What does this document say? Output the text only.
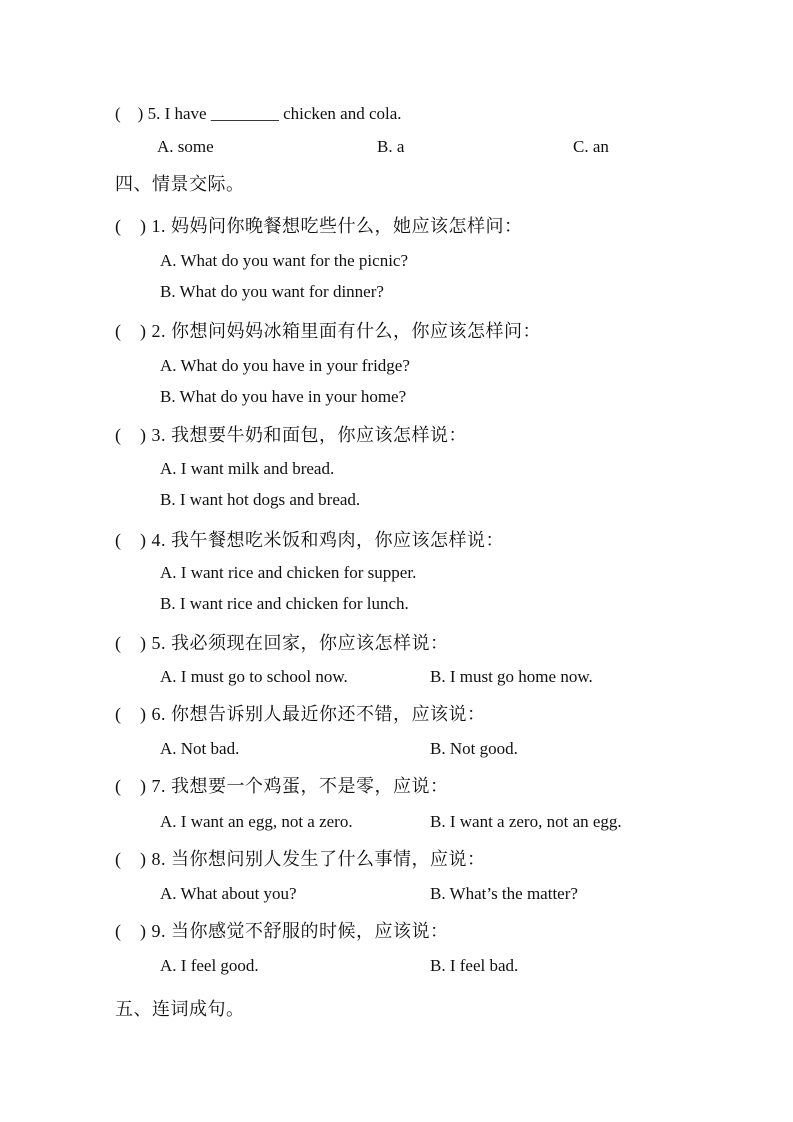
(　) 5. I have ________ chicken and cola.
A. some	B. a	C. an
四、情景交际。
(　) 1. 妈妈问你晚餐想吃些什么，她应该怎样问：
A. What do you want for the picnic?
B. What do you want for dinner?
(　) 2. 你想问妈妈冰箱里面有什么，你应该怎样问：
A. What do you have in your fridge?
B. What do you have in your home?
(　) 3. 我想要牛奶和面包，你应该怎样说：
A. I want milk and bread.
B. I want hot dogs and bread.
(　) 4. 我午餐想吃米饭和鸡肉，你应该怎样说：
A. I want rice and chicken for supper.
B. I want rice and chicken for lunch.
(　) 5. 我必须现在回家，你应该怎样说：
A. I must go to school now.	B. I must go home now.
(　) 6. 你想告诉别人最近你还不错，应该说：
A. Not bad.	B. Not good.
(　) 7. 我想要一个鸡蛋，不是零，应说：
A. I want an egg, not a zero.	B. I want a zero, not an egg.
(　) 8. 当你想问别人发生了什么事情，应说：
A. What about you?	B. What’s the matter?
(　) 9. 当你感觉不舒服的时候，应该说：
A. I feel good.	B. I feel bad.
五、连词成句。
